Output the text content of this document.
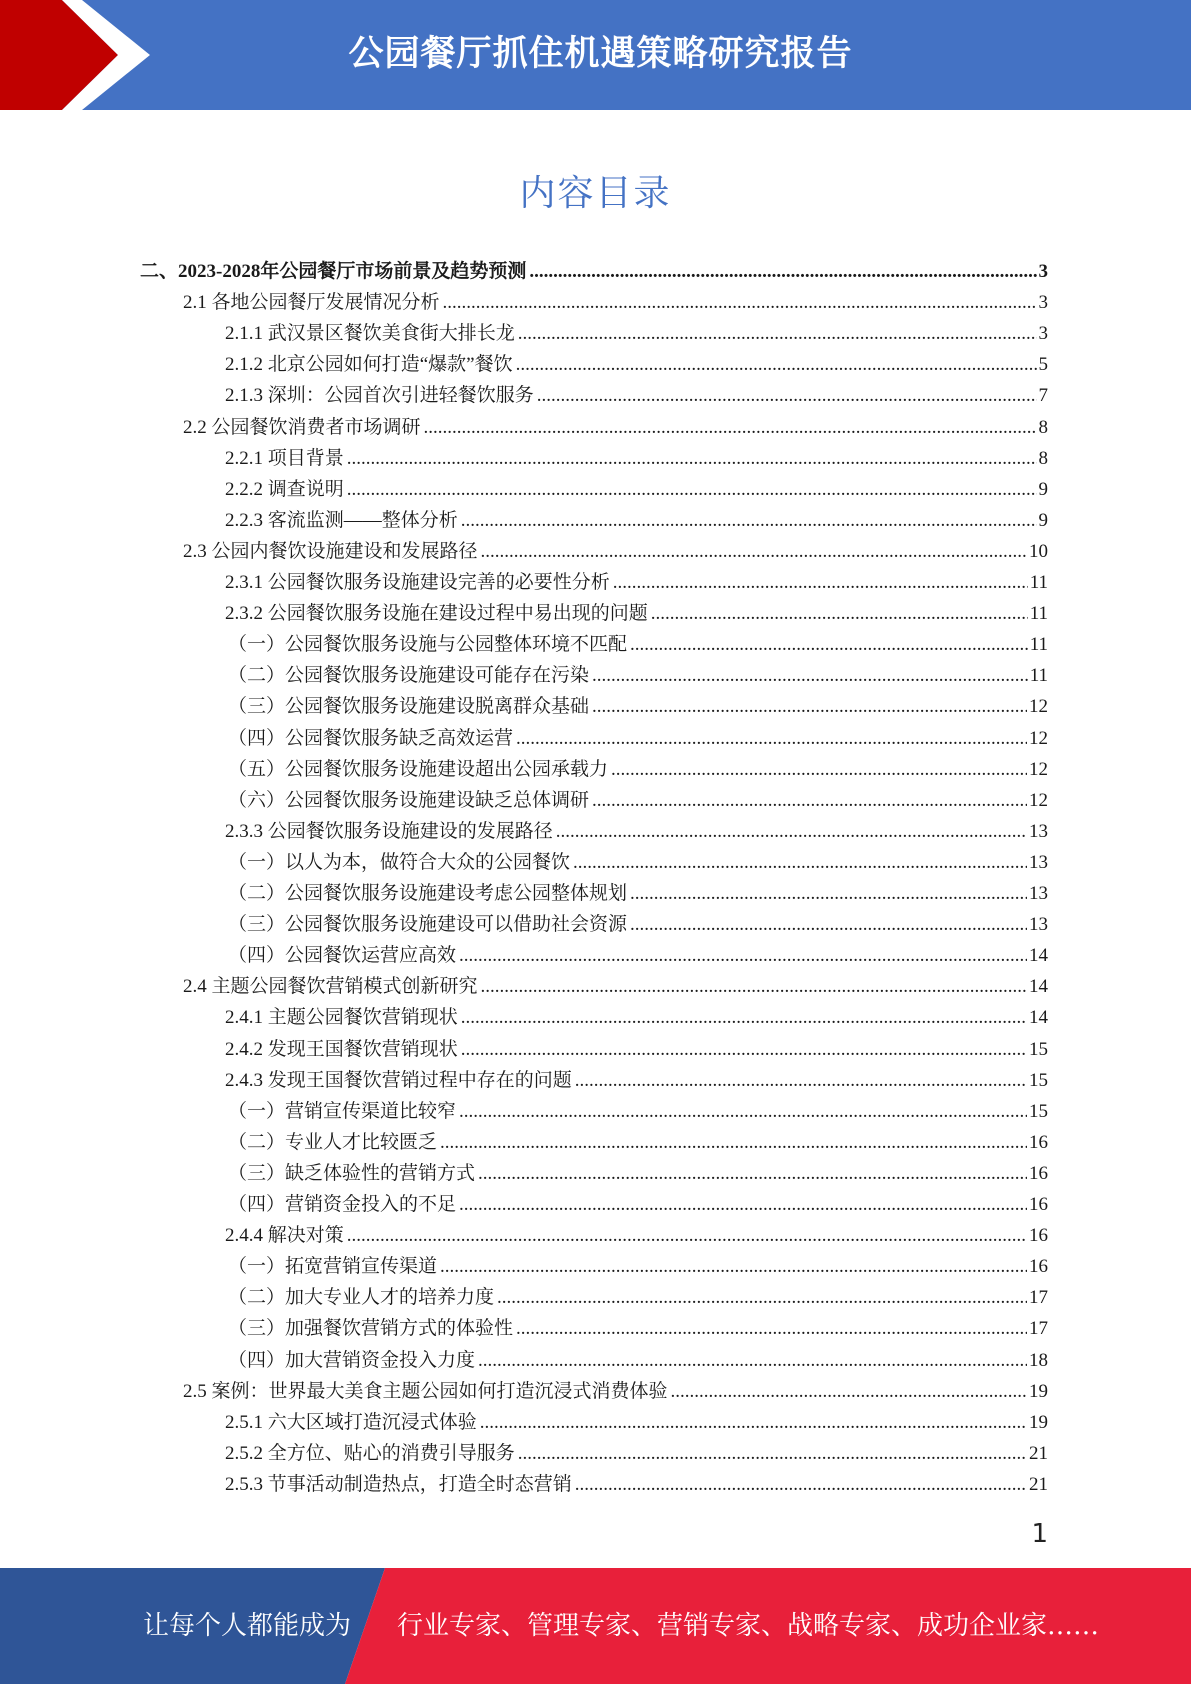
公园餐厅抓住机遇策略研究报告
内容目录
二、2023-2028年公园餐厅市场前景及趋势预测 .....	3
2.1 各地公园餐厅发展情况分析 .....	3
2.1.1 武汉景区餐饮美食街大排长龙 .....	3
2.1.2 北京公园如何打造“爆款”餐饮 .....	5
2.1.3 深圳：公园首次引进轻餐饮服务 .....	7
2.2 公园餐饮消费者市场调研 .....	8
2.2.1 项目背景 .....	8
2.2.2 调查说明 .....	9
2.2.3 客流监测——整体分析 .....	9
2.3 公园内餐饮设施建设和发展路径 .....	10
2.3.1 公园餐饮服务设施建设完善的必要性分析 .....	11
2.3.2 公园餐饮服务设施在建设过程中易出现的问题 .....	11
（一）公园餐饮服务设施与公园整体环境不匹配 .....	11
（二）公园餐饮服务设施建设可能存在污染 .....	11
（三）公园餐饮服务设施建设脱离群众基础 .....	12
（四）公园餐饮服务缺乏高效运营 .....	12
（五）公园餐饮服务设施建设超出公园承载力 .....	12
（六）公园餐饮服务设施建设缺乏总体调研 .....	12
2.3.3 公园餐饮服务设施建设的发展路径 .....	13
（一）以人为本，做符合大众的公园餐饮 .....	13
（二）公园餐饮服务设施建设考虑公园整体规划 .....	13
（三）公园餐饮服务设施建设可以借助社会资源 .....	13
（四）公园餐饮运营应高效 .....	14
2.4 主题公园餐饮营销模式创新研究 .....	14
2.4.1 主题公园餐饮营销现状 .....	14
2.4.2 发现王国餐饮营销现状 .....	15
2.4.3 发现王国餐饮营销过程中存在的问题 .....	15
（一）营销宣传渠道比较窄 .....	15
（二）专业人才比较匮乏 .....	16
（三）缺乏体验性的营销方式 .....	16
（四）营销资金投入的不足 .....	16
2.4.4 解决对策 .....	16
（一）拓宽营销宣传渠道 .....	16
（二）加大专业人才的培养力度 .....	17
（三）加强餐饮营销方式的体验性 .....	17
（四）加大营销资金投入力度 .....	18
2.5 案例：世界最大美食主题公园如何打造沉浸式消费体验 .....	19
2.5.1 六大区域打造沉浸式体验 .....	19
2.5.2 全方位、贴心的消费引导服务 .....	21
2.5.3 节事活动制造热点，打造全时态营销 .....	21
1
让每个人都能成为 行业专家、管理专家、营销专家、战略专家、成功企业家……
